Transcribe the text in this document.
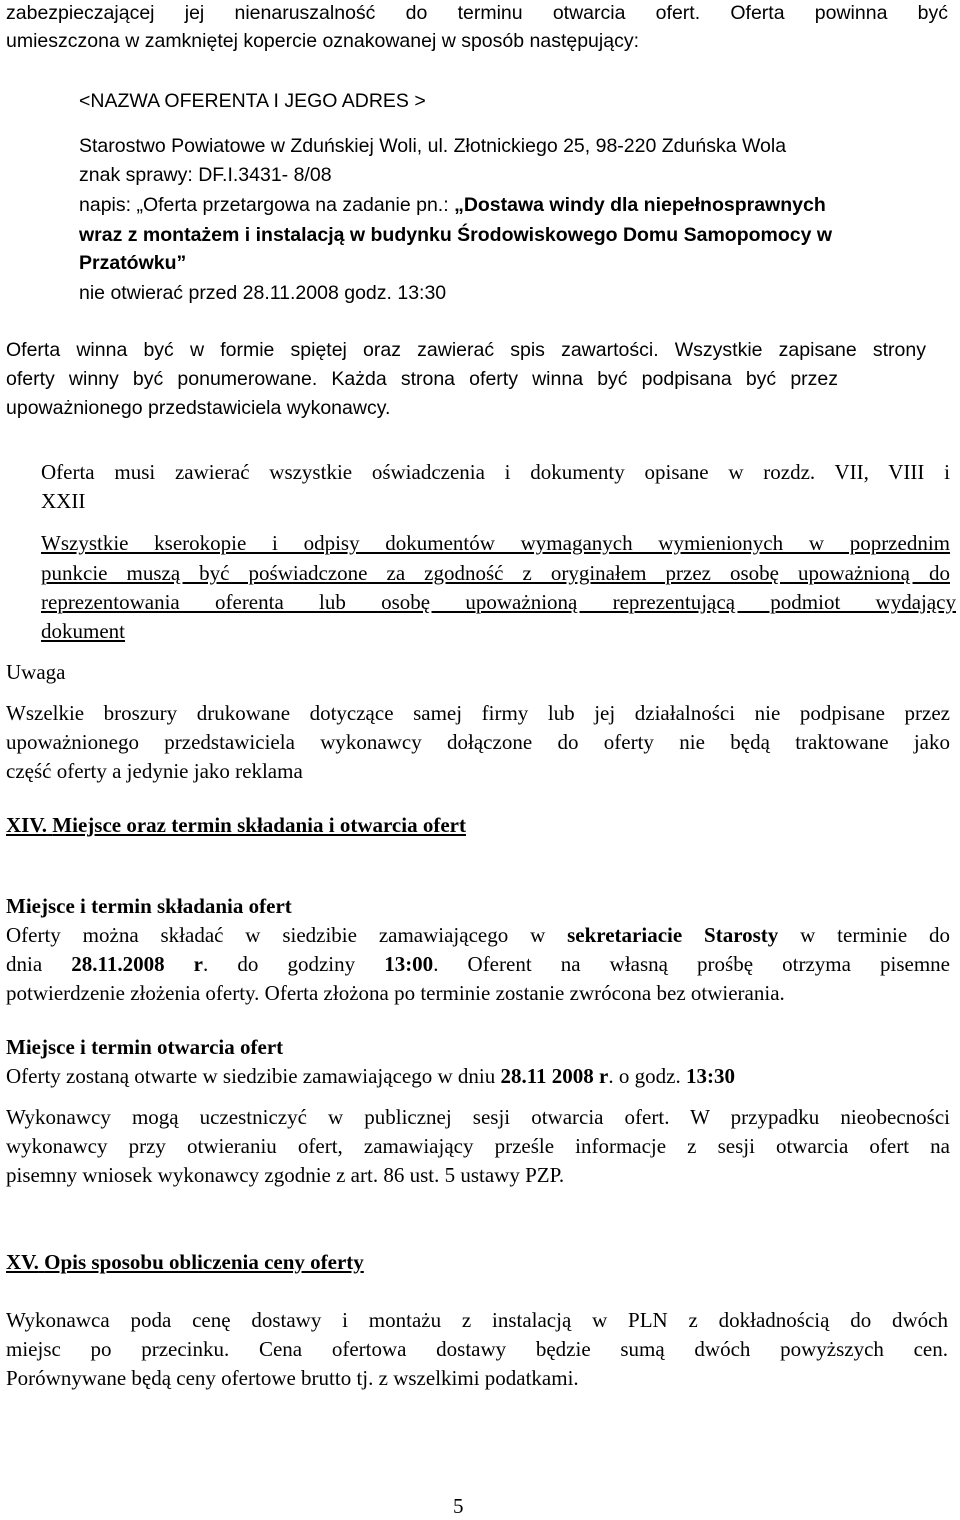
zabezpieczającej jej nienaruszalność do terminu otwarcia ofert. Oferta powinna być
umieszczona w zamkniętej kopercie oznakowanej w sposób następujący:
<NAZWA OFERENTA I JEGO ADRES >
Starostwo Powiatowe w Zduńskiej Woli, ul. Złotnickiego 25, 98-220 Zduńska Wola
znak sprawy: DF.I.3431- 8/08
napis: „Oferta przetargowa na zadanie pn.: „Dostawa windy dla niepełnosprawnych
wraz z montażem i instalacją w budynku Środowiskowego Domu Samopomocy w
Przatówku”
nie otwierać przed 28.11.2008 godz. 13:30
Oferta winna być w formie spiętej oraz zawierać spis zawartości. Wszystkie zapisane strony
oferty winny być ponumerowane. Każda strona oferty winna być podpisana być przez
upoważnionego przedstawiciela wykonawcy.
Oferta musi zawierać wszystkie oświadczenia i dokumenty opisane w rozdz. VII, VIII i
XXII
Wszystkie kserokopie i odpisy dokumentów wymaganych wymienionych w poprzednim
punkcie muszą być poświadczone za zgodność z oryginałem przez osobę upoważnioną do
reprezentowania oferenta lub osobę upoważnioną reprezentującą podmiot wydający
dokument
Uwaga
Wszelkie broszury drukowane dotyczące samej firmy lub jej działalności nie podpisane przez
upoważnionego przedstawiciela wykonawcy dołączone do oferty nie będą traktowane jako
część oferty a jedynie jako reklama
XIV. Miejsce oraz termin składania i otwarcia ofert
Miejsce i termin składania ofert
Oferty można składać w siedzibie zamawiającego w sekretariacie Starosty w terminie do
dnia 28.11.2008 r. do godziny 13:00. Oferent na własną prośbę otrzyma pisemne
potwierdzenie złożenia oferty. Oferta złożona po terminie zostanie zwrócona bez otwierania.
Miejsce i termin otwarcia ofert
Oferty zostaną otwarte w siedzibie zamawiającego w dniu 28.11 2008 r. o godz. 13:30
Wykonawcy mogą uczestniczyć w publicznej sesji otwarcia ofert. W przypadku nieobecności
wykonawcy przy otwieraniu ofert, zamawiający prześle informacje z sesji otwarcia ofert na
pisemny wniosek wykonawcy zgodnie z art. 86 ust. 5 ustawy PZP.
XV. Opis sposobu obliczenia ceny oferty
Wykonawca poda cenę dostawy i montażu z instalacją w PLN z dokładnością do dwóch
miejsc po przecinku. Cena ofertowa dostawy będzie sumą dwóch powyższych cen.
Porównywane będą ceny ofertowe brutto tj. z wszelkimi podatkami.
5
